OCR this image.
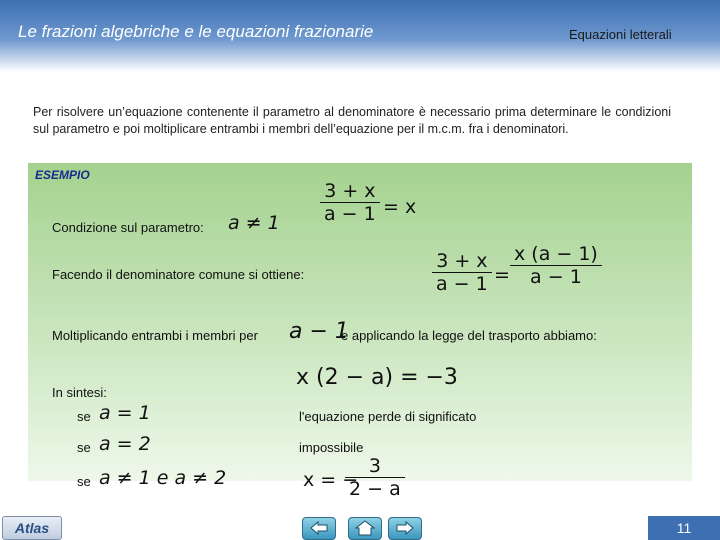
Le frazioni algebriche e le equazioni frazionarie	Equazioni letterali
Per risolvere un’equazione contenente il parametro al denominatore è necessario prima determinare le condizioni sul parametro e poi moltiplicare entrambi i membri dell’equazione per il m.c.m. fra i denominatori.
ESEMPIO
$\frac{3 + x}{a - 1} = x$
Condizione sul parametro: a ≠ 1
Facendo il denominatore comune si ottiene:	$\frac{3 + x}{a - 1} = \frac{x (a - 1)}{a - 1}$
Moltiplicando entrambi i membri per a − 1
e applicando la legge del trasporto abbiamo:
x (2 − a) = −3
In sintesi:
se a = 1	l'equazione perde di significato
se a = 2	impossibile
se a ≠ 1 e a ≠ 2	x = −
$\frac{3}{2 - a}$
Atlas	11
